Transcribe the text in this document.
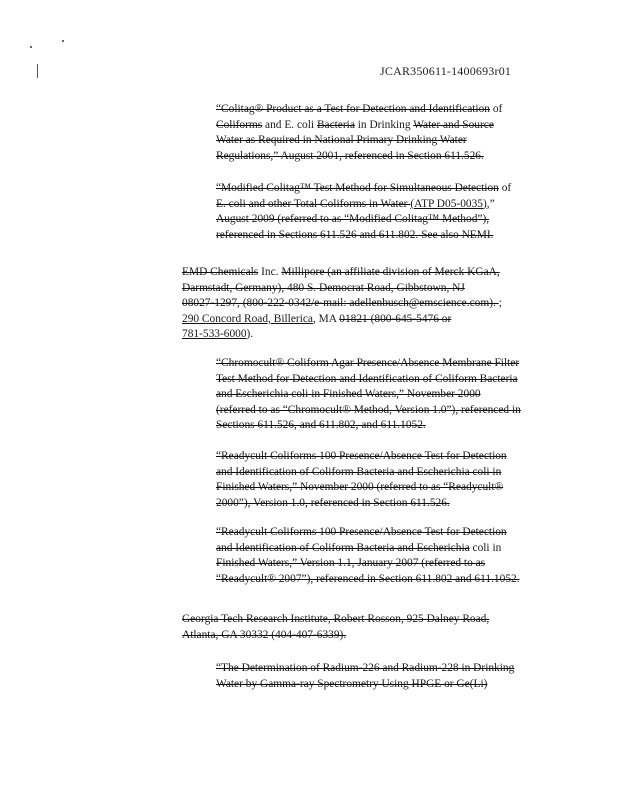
JCAR350611-1400693r01
“Colitag® Product as a Test for Detection and Identification of
Coliforms and E. coli Bacteria in Drinking Water and Source
Water as Required in National Primary Drinking Water
Regulations,” August 2001, referenced in Section 611.526.
“Modified Colitag™ Test Method for Simultaneous Detection of
E. coli and other Total Coliforms in Water (ATP D05-0035),”
August 2009 (referred to as “Modified Colitag™ Method”),
referenced in Sections 611.526 and 611.802. See also NEMI.
EMD Chemicals Inc. Millipore (an affiliate division of Merck KGaA,
Darmstadt, Germany), 480 S. Democrat Road, Gibbstown, NJ
08027-1297, (800-222-0342/e-mail: adellenbusch@emscience.com). ;
290 Concord Road, Billerica, MA 01821 (800-645-5476 or
781-533-6000).
“Chromocult® Coliform Agar Presence/Absence Membrane Filter
Test Method for Detection and Identification of Coliform Bacteria
and Escherichia coli in Finished Waters,” November 2000
(referred to as “Chromocult® Method, Version 1.0”), referenced in
Sections 611.526, and 611.802, and 611.1052.
“Readycult Coliforms 100 Presence/Absence Test for Detection
and Identification of Coliform Bacteria and Escherichia coli in
Finished Waters,” November 2000 (referred to as “Readycult®
2000”), Version 1.0, referenced in Section 611.526.
“Readycult Coliforms 100 Presence/Absence Test for Detection
and Identification of Coliform Bacteria and Escherichia coli in
Finished Waters,” Version 1.1, January 2007 (referred to as
“Readycult® 2007”), referenced in Section 611.802 and 611.1052.
Georgia Tech Research Institute, Robert Rosson, 925 Dalney Road,
Atlanta, GA 30332 (404-407-6339).
“The Determination of Radium-226 and Radium-228 in Drinking
Water by Gamma-ray Spectrometry Using HPGE or Ge(Li)
